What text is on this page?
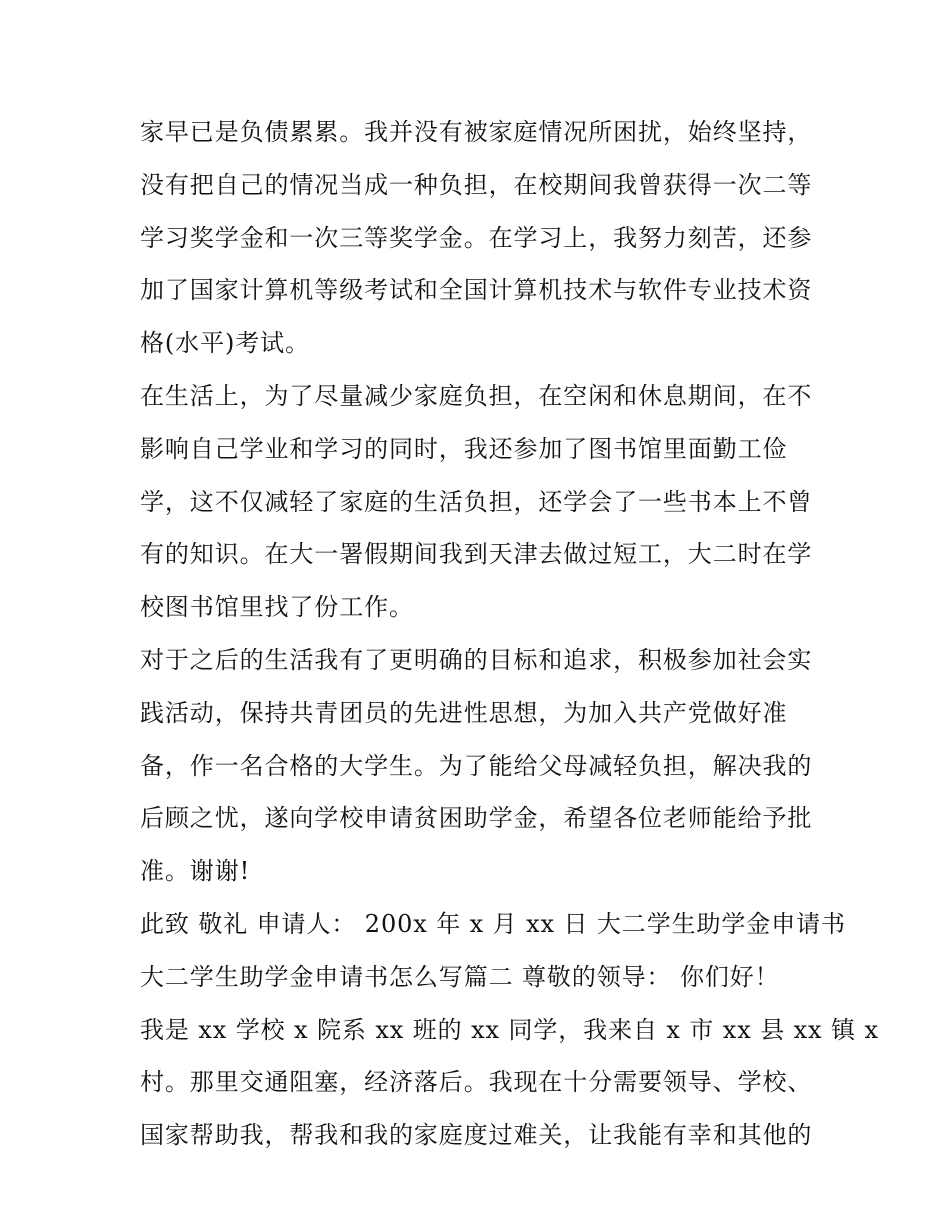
家早已是负债累累。我并没有被家庭情况所困扰，始终坚持，
没有把自己的情况当成一种负担，在校期间我曾获得一次二等
学习奖学金和一次三等奖学金。在学习上，我努力刻苦，还参
加了国家计算机等级考试和全国计算机技术与软件专业技术资
格(水平)考试。
在生活上，为了尽量减少家庭负担，在空闲和休息期间，在不
影响自己学业和学习的同时，我还参加了图书馆里面勤工俭
学，这不仅减轻了家庭的生活负担，还学会了一些书本上不曾
有的知识。在大一署假期间我到天津去做过短工，大二时在学
校图书馆里找了份工作。
对于之后的生活我有了更明确的目标和追求，积极参加社会实
践活动，保持共青团员的先进性思想，为加入共产党做好准
备，作一名合格的大学生。为了能给父母减轻负担，解决我的
后顾之忧，遂向学校申请贫困助学金，希望各位老师能给予批
准。谢谢!
此致 敬礼 申请人： 200x 年 x 月 xx 日 大二学生助学金申请书
大二学生助学金申请书怎么写篇二 尊敬的领导： 你们好！
我是 xx 学校 x 院系 xx 班的 xx 同学，我来自 x 市 xx 县 xx 镇 x
村。那里交通阻塞，经济落后。我现在十分需要领导、学校、
国家帮助我，帮我和我的家庭度过难关，让我能有幸和其他的
